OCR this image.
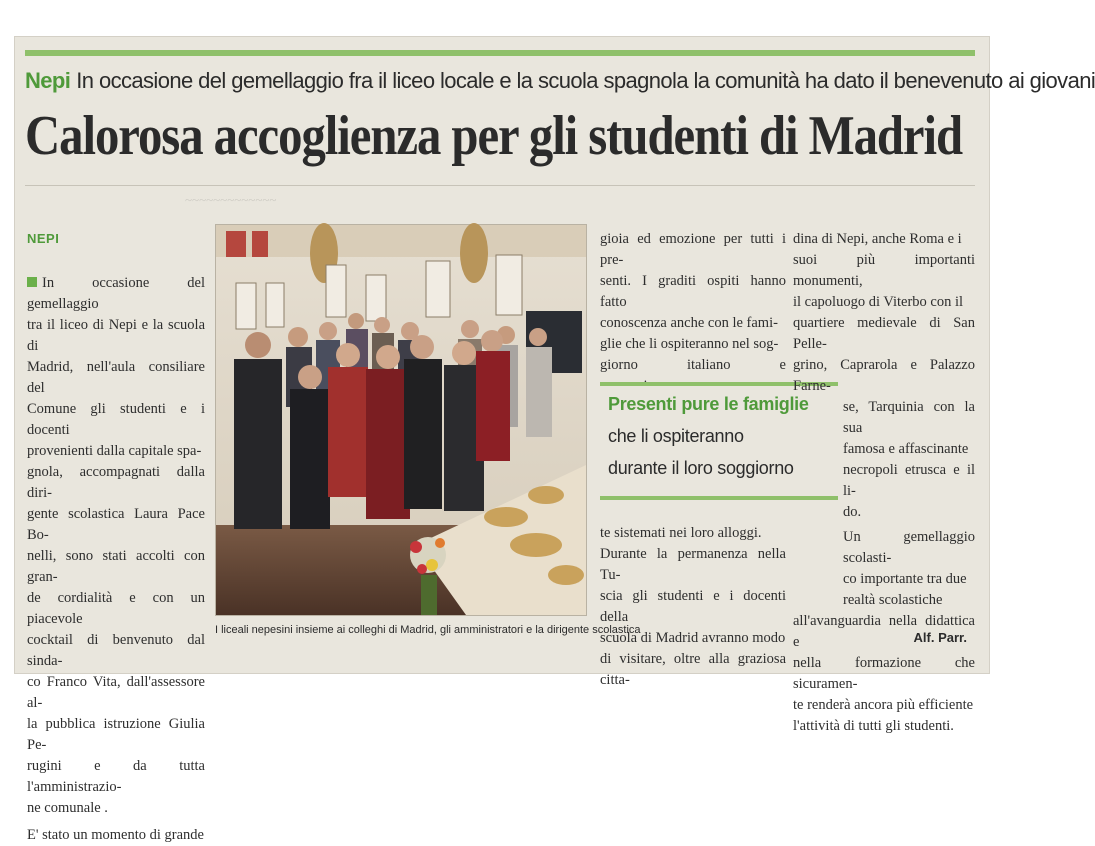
Nepi In occasione del gemellaggio fra il liceo locale e la scuola spagnola la comunità ha dato il benevenuto ai giovani
Calorosa accoglienza per gli studenti di Madrid
~~~~~~~~~~~~~
NEPI

In occasione del gemellaggio

tra il liceo di Nepi e la scuola di

Madrid, nell'aula consiliare del

Comune gli studenti e i docenti

provenienti dalla capitale spa-

gnola, accompagnati dalla diri-

gente scolastica Laura Pace Bo-

nelli, sono stati accolti con gran-

de cordialità e con un piacevole

cocktail di benvenuto dal sinda-

co Franco Vita, dall'assessore al-

la pubblica istruzione Giulia Pe-

rugini e da tutta l'amministrazio-

ne comunale .

E' stato un momento di grande

I liceali nepesini insieme ai colleghi di Madrid, gli amministratori e la dirigente scolastica

gioia ed emozione per tutti i pre-

senti. I graditi ospiti hanno fatto

conoscenza anche con le fami-

glie che li ospiteranno nel sog-

giorno italiano e

Presenti pure le famiglie
che li ospiteranno
durante il loro soggiorno

te sistemati nei loro alloggi.

Durante la permanenza nella Tu-

scia gli studenti e i docenti della

scuola di Madrid avranno modo

di visitare, oltre alla graziosa citta-

dina di Nepi, anche Roma e i

suoi più importanti monumenti,

il capoluogo di Viterbo con il

quartiere medievale di San Pelle-

grino, Caprarola e Palazzo Farne-

se, Tarquinia con la sua

famosa e affascinante

necropoli etrusca e il li-

do.

Un gemellaggio scolasti-

co importante tra due

realtà scolastiche

all'avanguardia nella didattica e

nella formazione che sicuramen-

te renderà ancora più efficiente

l'attività di tutti gli studenti.

Alf. Parr.
